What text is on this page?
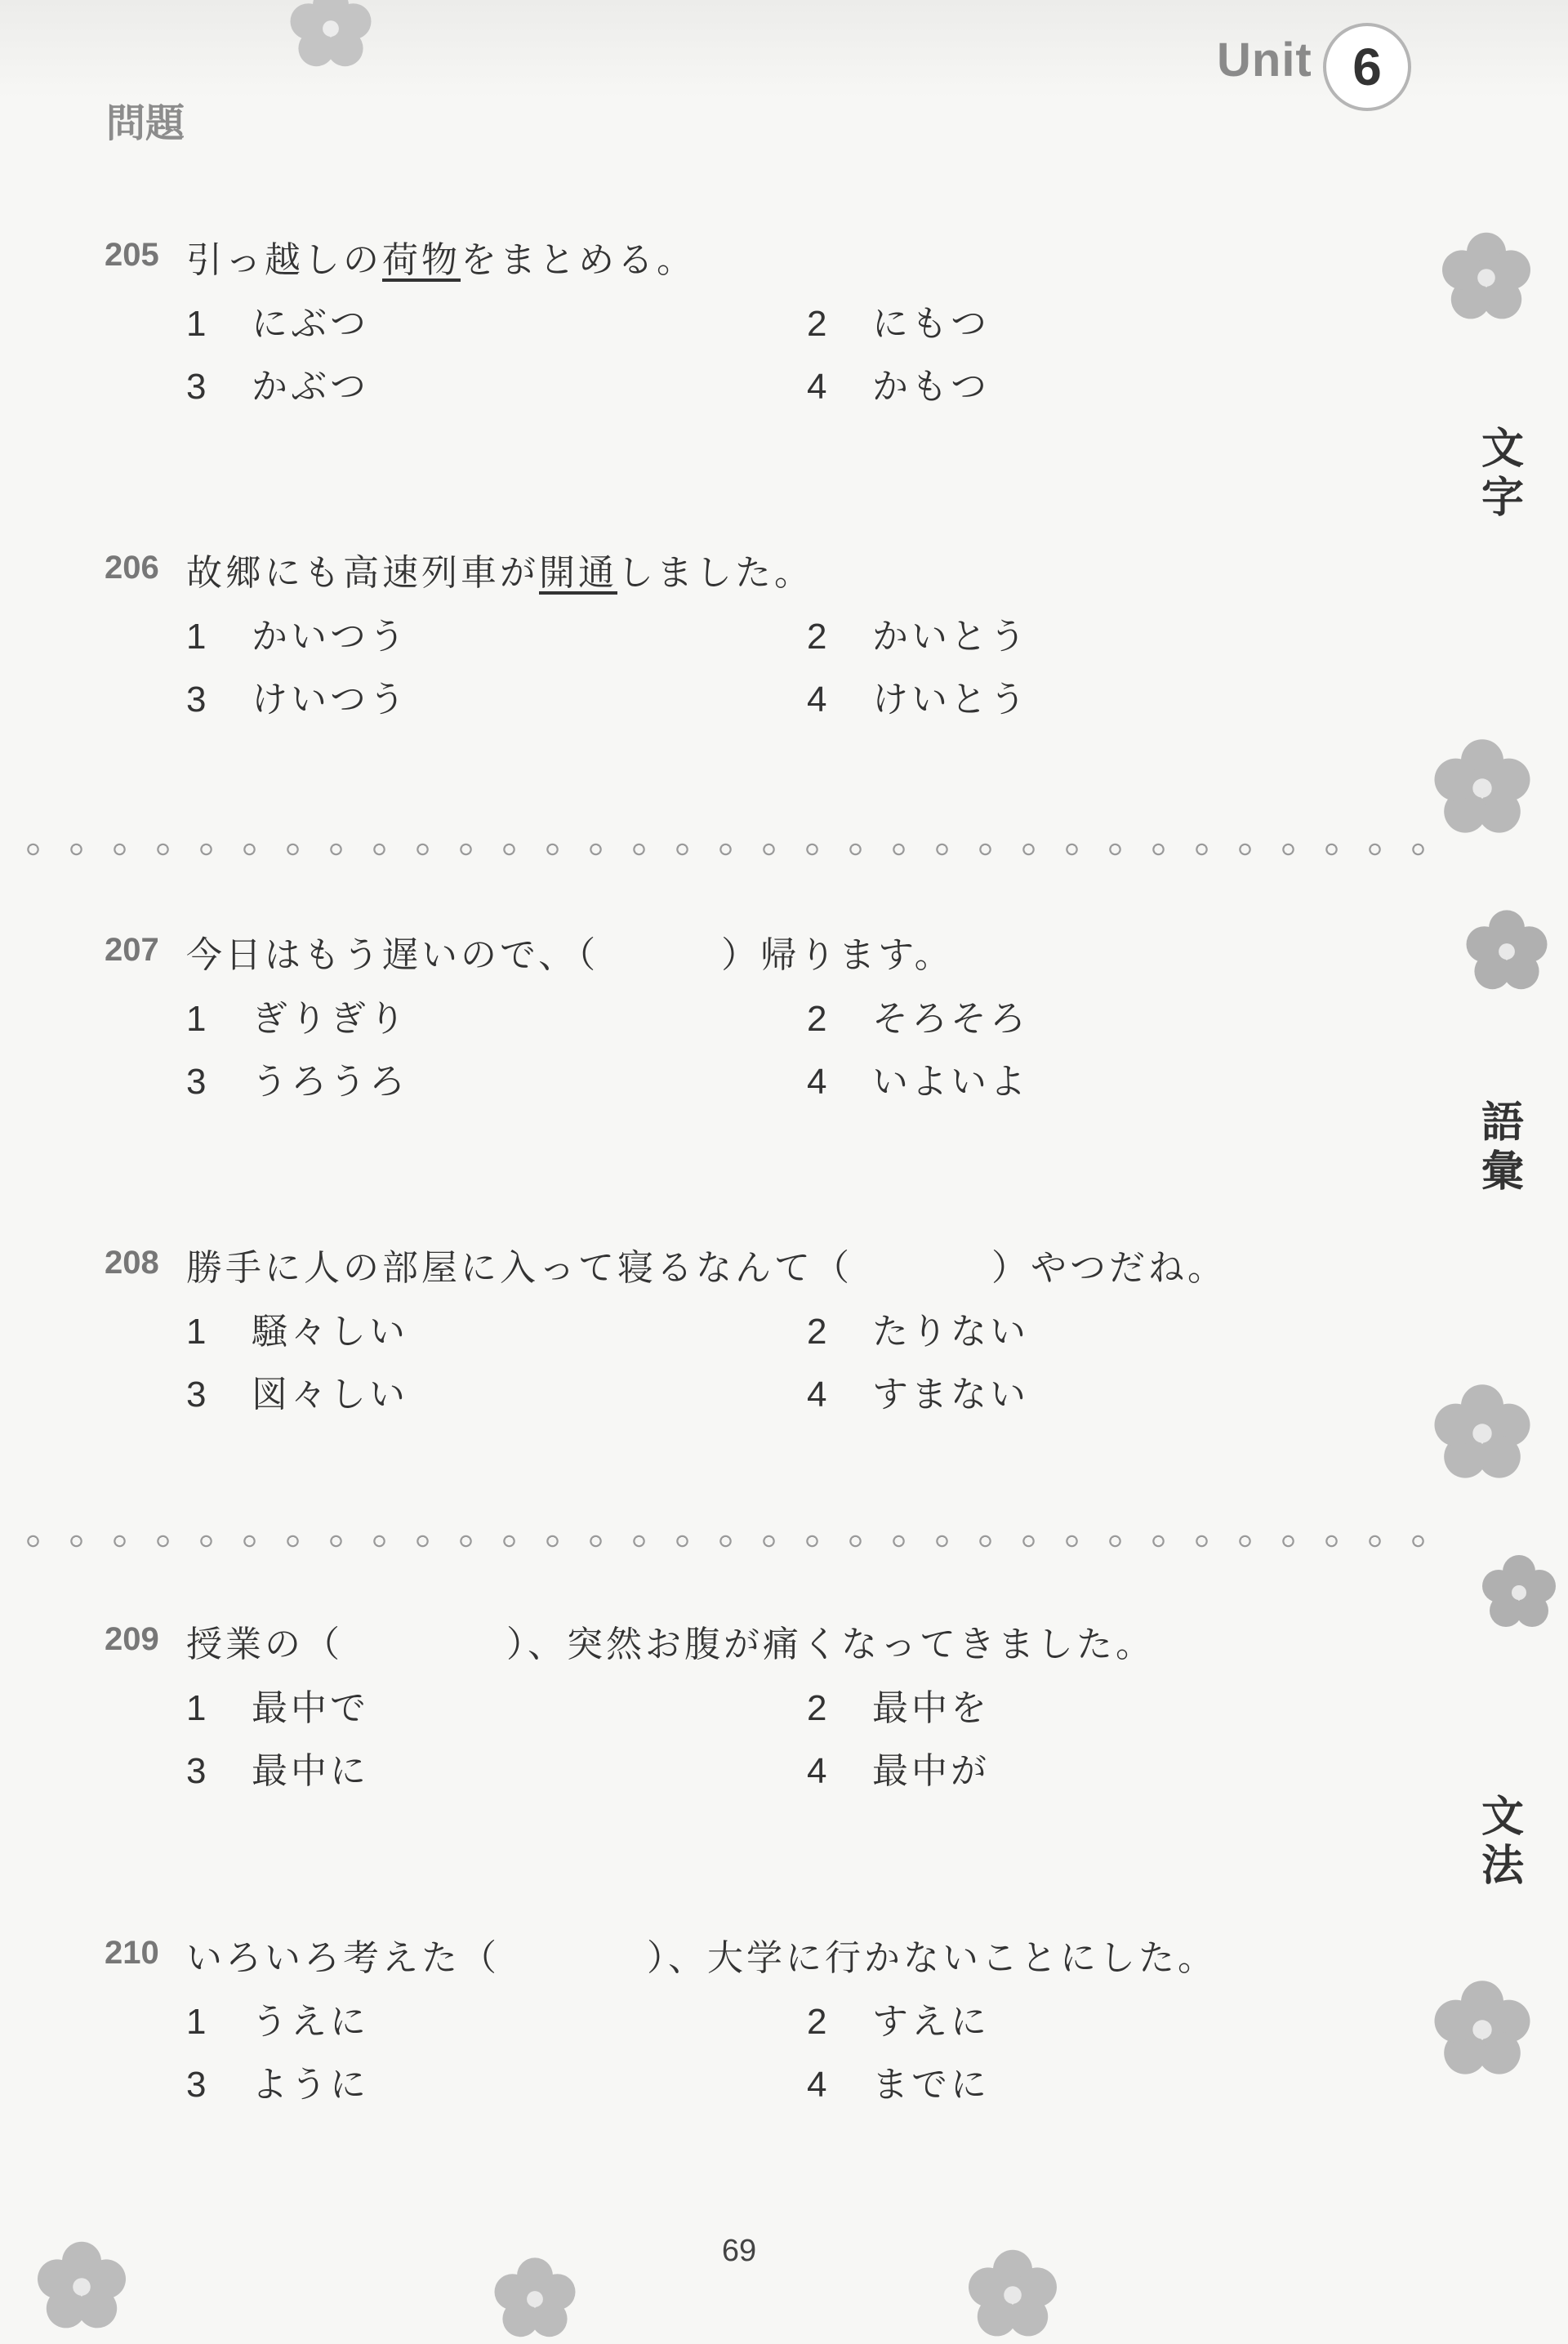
Unit 6
問題
205 引っ越しの荷物をまとめる。
1 にぶつ	2 にもつ
3 かぶつ	4 かもつ
206 故郷にも高速列車が開通しました。
1 かいつう	2 かいとう
3 けいつう	4 けいとう
207 今日はもう遅いので、（	）帰ります。
1 ぎりぎり	2 そろそろ
3 うろうろ	4 いよいよ
208 勝手に人の部屋に入って寝るなんて（	）やつだね。
1 騒々しい	2 たりない
3 図々しい	4 すまない
209 授業の（	）、突然お腹が痛くなってきました。
1 最中で	2 最中を
3 最中に	4 最中が
210 いろいろ考えた（	）、大学に行かないことにした。
1 うえに	2 すえに
3 ように	4 までに
文字
語彙
文法
69
